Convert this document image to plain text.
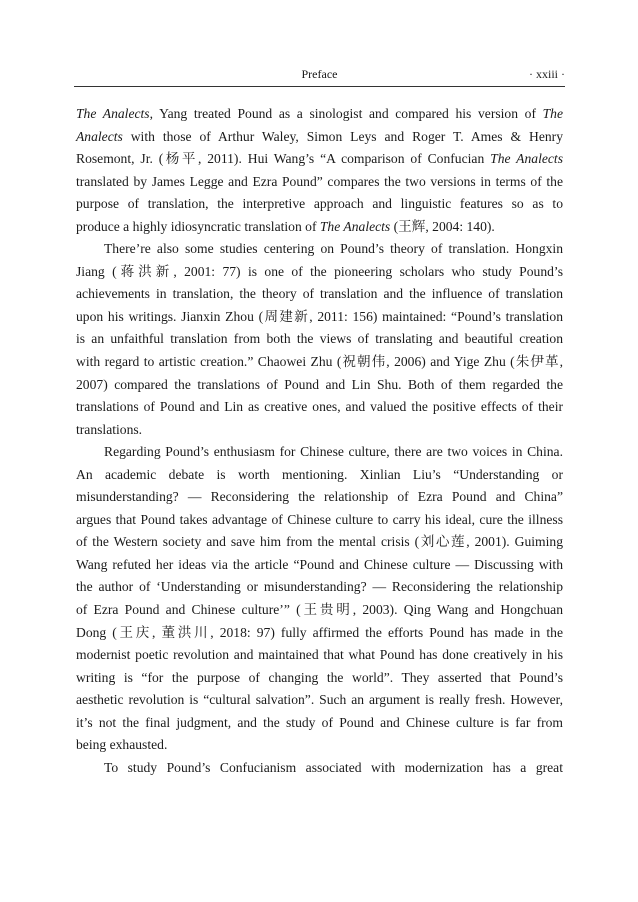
Preface	· xxiii ·

The Analects, Yang treated Pound as a sinologist and compared his version of The

Analects with those of Arthur Waley, Simon Leys and Roger T. Ames & Henry

Rosemont, Jr. (杨平, 2011). Hui Wang’s “A comparison of Confucian The Analects

translated by James Legge and Ezra Pound” compares the two versions in terms of the

purpose of translation, the interpretive approach and linguistic features so as to

produce a highly idiosyncratic translation of The Analects (王辉, 2004: 140).

There’re also some studies centering on Pound’s theory of translation. Hongxin

Jiang (蒋洪新, 2001: 77) is one of the pioneering scholars who study Pound’s

achievements in translation, the theory of translation and the influence of translation

upon his writings. Jianxin Zhou (周建新, 2011: 156) maintained: “Pound’s translation

is an unfaithful translation from both the views of translating and beautiful creation

with regard to artistic creation.” Chaowei Zhu (祝朝伟, 2006) and Yige Zhu (朱伊革,

2007) compared the translations of Pound and Lin Shu. Both of them regarded the

translations of Pound and Lin as creative ones, and valued the positive effects of their

translations.

Regarding Pound’s enthusiasm for Chinese culture, there are two voices in China.

An academic debate is worth mentioning. Xinlian Liu’s “Understanding or

misunderstanding? — Reconsidering the relationship of Ezra Pound and China”

argues that Pound takes advantage of Chinese culture to carry his ideal, cure the illness

of the Western society and save him from the mental crisis (刘心莲, 2001). Guiming

Wang refuted her ideas via the article “Pound and Chinese culture — Discussing with

the author of ‘Understanding or misunderstanding? — Reconsidering the relationship

of Ezra Pound and Chinese culture’” (王贵明, 2003). Qing Wang and Hongchuan

Dong (王庆, 董洪川, 2018: 97) fully affirmed the efforts Pound has made in the

modernist poetic revolution and maintained that what Pound has done creatively in his

writing is “for the purpose of changing the world”. They asserted that Pound’s

aesthetic revolution is “cultural salvation”. Such an argument is really fresh. However,

it’s not the final judgment, and the study of Pound and Chinese culture is far from

being exhausted.

To study Pound’s Confucianism associated with modernization has a great
